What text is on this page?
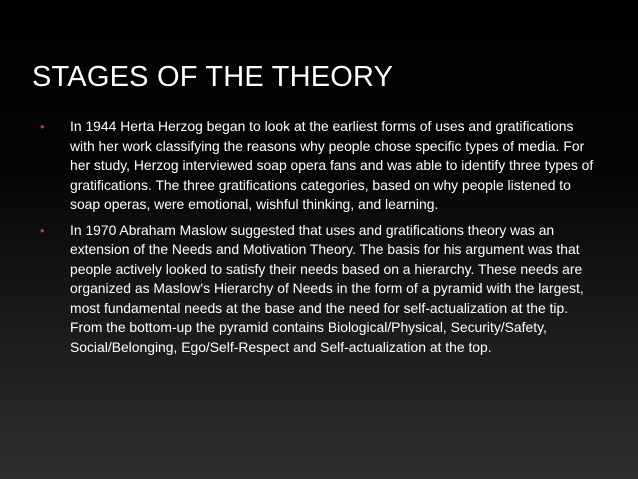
STAGES OF THE THEORY
• In 1944 Herta Herzog began to look at the earliest forms of uses and gratifications with her work classifying the reasons why people chose specific types of media. For her study, Herzog interviewed soap opera fans and was able to identify three types of gratifications. The three gratifications categories, based on why people listened to soap operas, were emotional, wishful thinking, and learning.
• In 1970 Abraham Maslow suggested that uses and gratifications theory was an extension of the Needs and Motivation Theory. The basis for his argument was that people actively looked to satisfy their needs based on a hierarchy. These needs are organized as Maslow's Hierarchy of Needs in the form of a pyramid with the largest, most fundamental needs at the base and the need for self-actualization at the tip. From the bottom-up the pyramid contains Biological/Physical, Security/Safety, Social/Belonging, Ego/Self-Respect and Self-actualization at the top.
